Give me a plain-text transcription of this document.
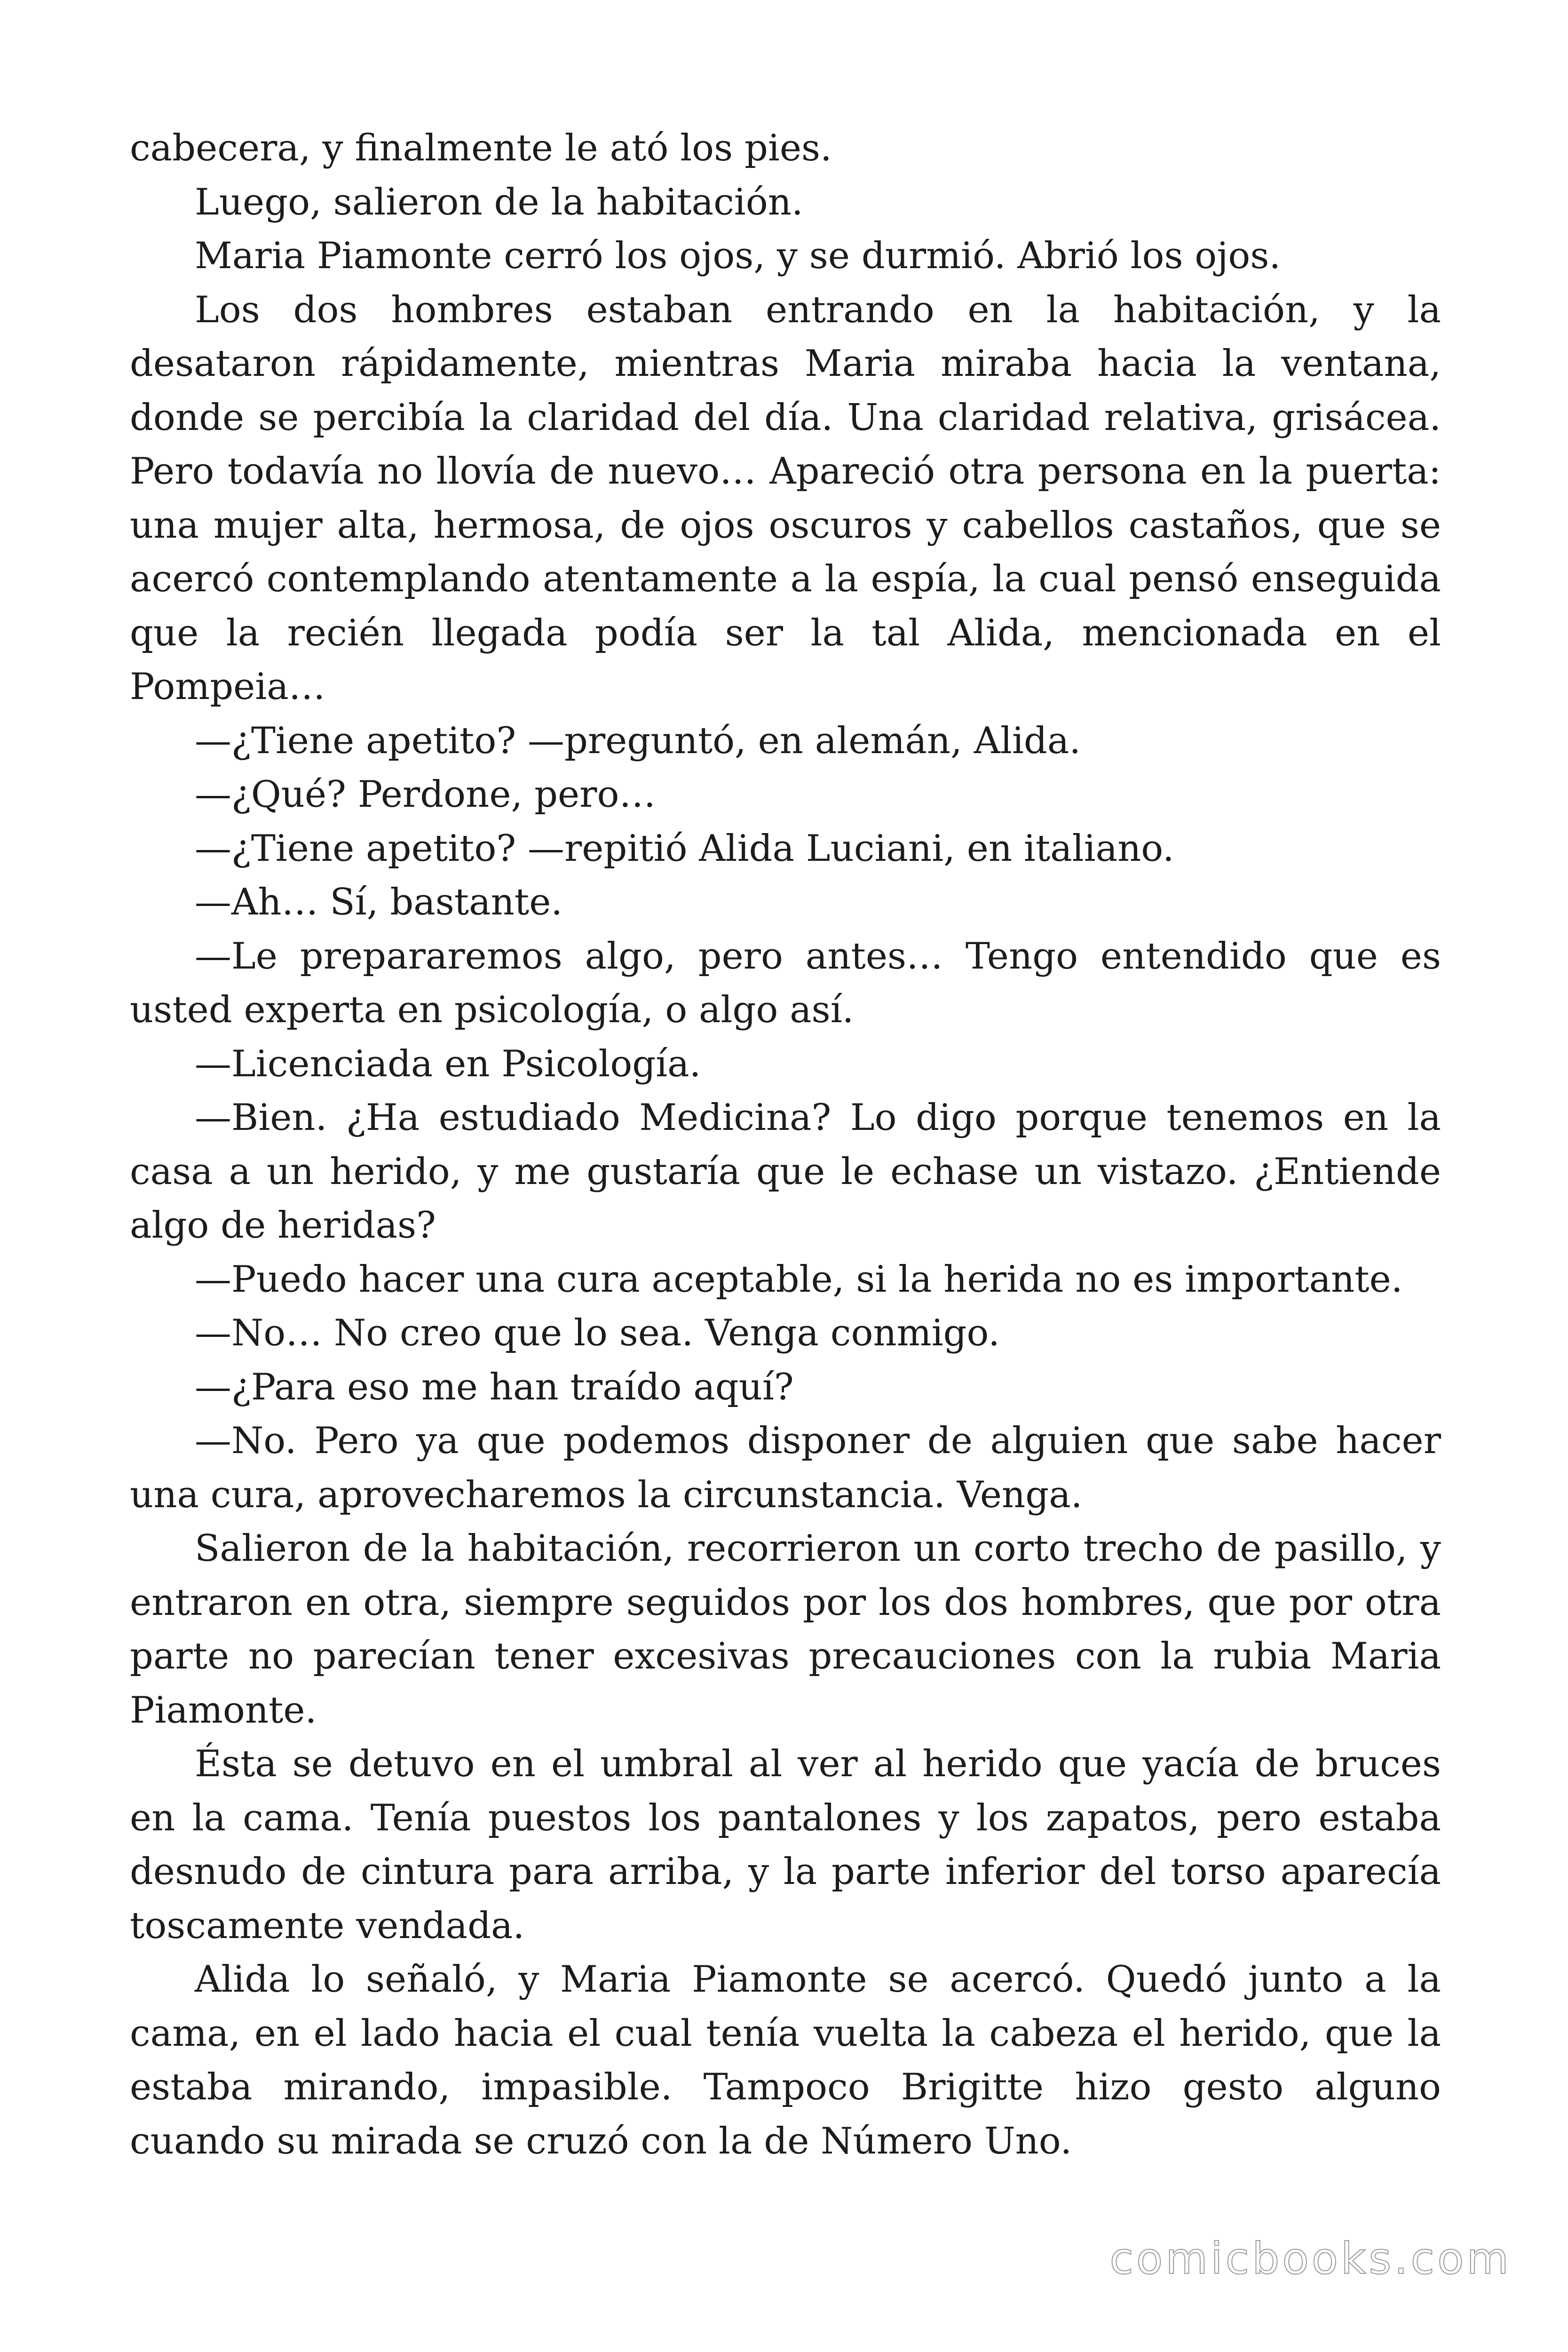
cabecera, y finalmente le ató los pies.

Luego, salieron de la habitación.

Maria Piamonte cerró los ojos, y se durmió. Abrió los ojos.

Los dos hombres estaban entrando en la habitación, y la desataron rápidamente, mientras Maria miraba hacia la ventana, donde se percibía la claridad del día. Una claridad relativa, grisácea. Pero todavía no llovía de nuevo… Apareció otra persona en la puerta: una mujer alta, hermosa, de ojos oscuros y cabellos castaños, que se acercó contemplando atentamente a la espía, la cual pensó enseguida que la recién llegada podía ser la tal Alida, mencionada en el Pompeia…

—¿Tiene apetito? —preguntó, en alemán, Alida.

—¿Qué? Perdone, pero…

—¿Tiene apetito? —repitió Alida Luciani, en italiano.

—Ah… Sí, bastante.

—Le prepararemos algo, pero antes… Tengo entendido que es usted experta en psicología, o algo así.

—Licenciada en Psicología.

—Bien. ¿Ha estudiado Medicina? Lo digo porque tenemos en la casa a un herido, y me gustaría que le echase un vistazo. ¿Entiende algo de heridas?

—Puedo hacer una cura aceptable, si la herida no es importante.

—No… No creo que lo sea. Venga conmigo.

—¿Para eso me han traído aquí?

—No. Pero ya que podemos disponer de alguien que sabe hacer una cura, aprovecharemos la circunstancia. Venga.

Salieron de la habitación, recorrieron un corto trecho de pasillo, y entraron en otra, siempre seguidos por los dos hombres, que por otra parte no parecían tener excesivas precauciones con la rubia Maria Piamonte.

Ésta se detuvo en el umbral al ver al herido que yacía de bruces en la cama. Tenía puestos los pantalones y los zapatos, pero estaba desnudo de cintura para arriba, y la parte inferior del torso aparecía toscamente vendada.

Alida lo señaló, y Maria Piamonte se acercó. Quedó junto a la cama, en el lado hacia el cual tenía vuelta la cabeza el herido, que la estaba mirando, impasible. Tampoco Brigitte hizo gesto alguno cuando su mirada se cruzó con la de Número Uno.

comicbooks.com
